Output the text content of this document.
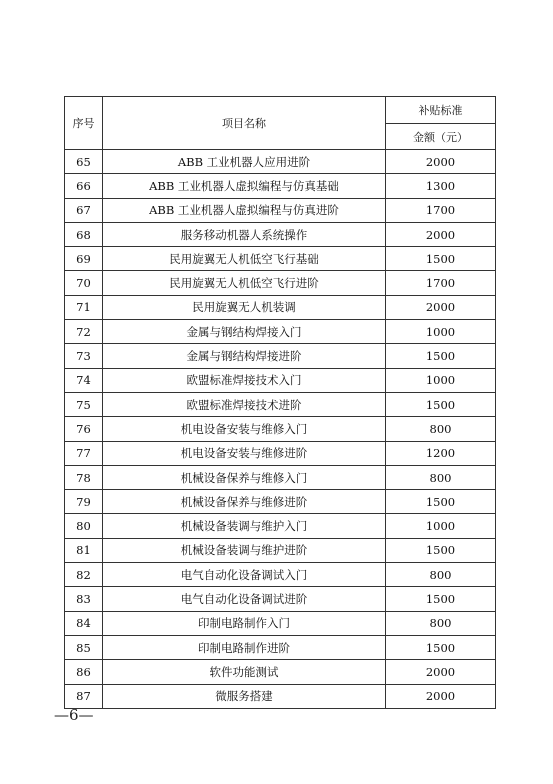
序号	项目名称	补贴标准
		金额（元）
65	ABB 工业机器人应用进阶	2000
66	ABB 工业机器人虚拟编程与仿真基础	1300
67	ABB 工业机器人虚拟编程与仿真进阶	1700
68	服务移动机器人系统操作	2000
69	民用旋翼无人机低空飞行基础	1500
70	民用旋翼无人机低空飞行进阶	1700
71	民用旋翼无人机装调	2000
72	金属与钢结构焊接入门	1000
73	金属与钢结构焊接进阶	1500
74	欧盟标准焊接技术入门	1000
75	欧盟标准焊接技术进阶	1500
76	机电设备安装与维修入门	800
77	机电设备安装与维修进阶	1200
78	机械设备保养与维修入门	800
79	机械设备保养与维修进阶	1500
80	机械设备装调与维护入门	1000
81	机械设备装调与维护进阶	1500
82	电气自动化设备调试入门	800
83	电气自动化设备调试进阶	1500
84	印制电路制作入门	800
85	印制电路制作进阶	1500
86	软件功能测试	2000
87	微服务搭建	2000
—6—
